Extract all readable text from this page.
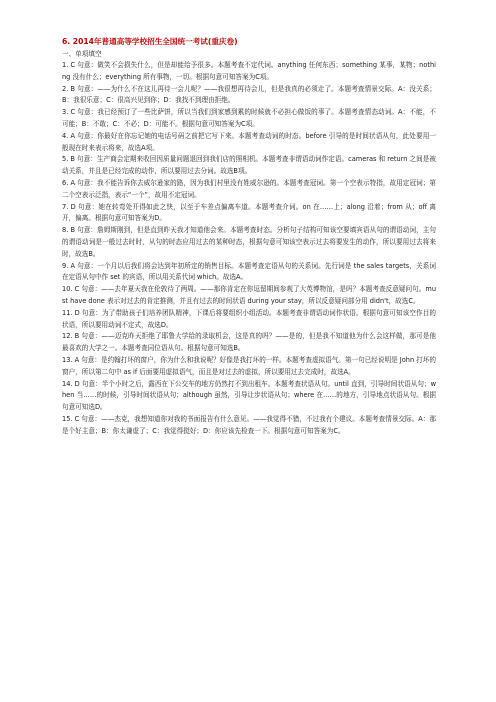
6. 2014年普通高等学校招生全国统一考试(重庆卷)
一、单项填空

1. C 句意：做笑不会损失什么，但是却能给予很多。本题考查不定代词。anything 任何东西；something 某事，某物；nothing 没有什么；everything 所有事物，一切。根据句意可知答案为C项。

2. B 句意：——为什么不在这儿再待一会儿呢？——我很想再待会儿，但是我真的必须走了。本题考查情景交际。A：没关系；B：我很乐意；C：很高兴见到你；D：我找不到理由拒绝。

3. C 句意：我已经预订了一些比萨饼，所以当我们到家感到累的时候就不必担心做饭的事了。本题考查情态动词。A：不能，不可能；B：不敢；C：不必；D：可能不。根据句意可知答案为C项。

4. A 句意：你最好在你忘记她的电话号码之前把它写下来。本题考查动词的时态。before 引导的是时间状语从句，此处要用一般现在时来表示将来，故选A项。

5. B 句意：生产商会定期来收回因质量问题退回到我们店的照相机。本题考查非谓语动词作定语。cameras 和 return 之间是被动关系，并且是已经完成的动作，所以要用过去分词。故选B项。

6. A 句意：我不能告诉你去威尔逊家的路，因为我们村里没有姓威尔逊的。本题考查冠词。第一个空表示特指，故用定冠词；第二个空表示泛指，表示“一个”，故用不定冠词。

7. D 句意：她在转弯处开得如此之快，以至于车差点偏离车道。本题考查介词。on 在……上；along 沿着；from 从；off 离开，偏离。根据句意可知答案为D。

8. B 句意：詹姆斯刚到，但是直到昨天我才知道他会来。本题考查时态。分析句子结构可知该空要填宾语从句的谓语动词，主句的谓语动词是一般过去时时，从句的时态应用过去的某种时态，根据句意可知该空表示过去将要发生的动作，所以要用过去将来时，故选B。

9. A 句意：一个月以后我们将会达到年初所定的销售目标。本题考查定语从句的关系词。先行词是 the sales targets，关系词在定语从句中作 set 的宾语，所以用关系代词 which。故选A。

10. C 句意：——去年夏天我在伦敦待了两周。——那你肯定在你逗留期间参观了大英博物馆，是吗？本题考查反意疑问句。must have done 表示对过去的肯定推测，并且有过去的时间状语 during your stay，所以反意疑问部分用 didn't，故选C。

11. D 句意：为了带助孩子们培养团队精神，下课后将要组织小组活动。本题考查非谓语动词作状语。根据句意可知该空作目的状语，所以要用动词不定式，故选D。

12. B 句意：——迈克昨天拒绝了耶鲁大学给的录取机会，这是真的吗？——是的，但是我不知道他为什么会这样做，那可是他最喜欢的大学之一。本题考查同位语从句。根据句意可知选B。

13. A 句意：是约翰打坏的窗户，你为什么和我说呢？好像是我打坏的一样。本题考查虚拟语气。第一句已经说明是 John 打坏的窗户，所以第二句中 as if 后面要用虚拟语气，而且是对过去的虚拟，所以要用过去完成时，故选A。

14. D 句意：半个小时之后，露西在下公交车的地方仍然打不到出租车。本题考查状语从句。until 直到，引导时间状语从句；when 当……的时候，引导时间状语从句；although 虽然，引导让步状语从句；where 在……的地方，引导地点状语从句。根据句意可知选D。

15. C 句意：——杰克，我想知道你对我的书面报告有什么意见。——我觉得不错，不过我有个建议。本题考查情景交际。A：那是个好主意；B：你太谦虚了；C：我觉得挺好；D：你应该先检查一下。根据句意可知答案为C。
